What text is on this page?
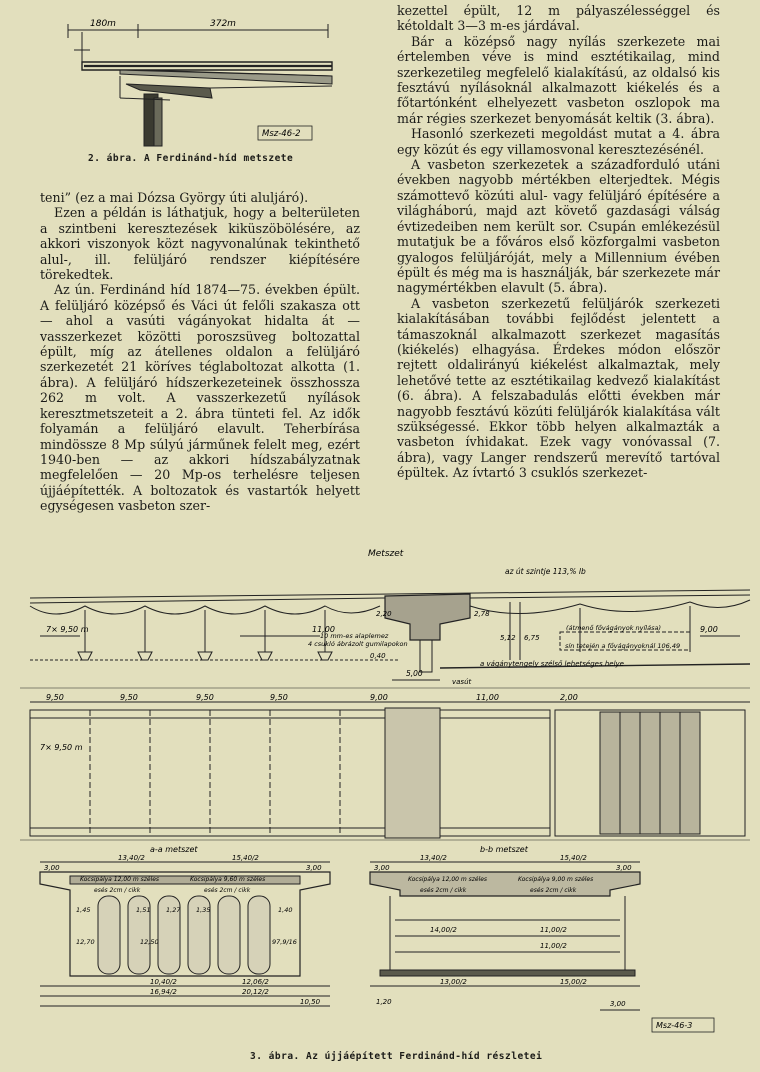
180m	372m
Msz-46-2
2. ábra. A Ferdinánd-híd metszete

teni” (ez a mai Dózsa György úti aluljáró).

Ezen a példán is láthatjuk, hogy a belterületen a szintbeni keresztezések kiküszöbölésére, az akkori viszonyok közt nagyvonalúnak tekinthető alul-, ill. felüljáró rendszer kiépítésére törekedtek.

Az ún. Ferdinánd híd 1874—75. években épült. A felüljáró középső és Váci út felőli szakasza ott — ahol a vasúti vágányokat hidalta át — vasszerkezet közötti poroszsüveg boltozattal épült, míg az átellenes oldalon a felüljáró szerkezetét 21 köríves téglaboltozat alkotta (1. ábra). A felüljáró hídszerkezeteinek összhossza 262 m volt. A vasszerkezetű nyílások keresztmetszeteit a 2. ábra tünteti fel. Az idők folyamán a felüljáró elavult. Teherbírása mindössze 8 Mp súlyú járműnek felelt meg, ezért 1940-ben — az akkori hídszabályzatnak megfelelően — 20 Mp-os terhelésre teljesen újjáépítették. A boltozatok és vastartók helyett egységesen vasbeton szer-

kezettel épült, 12 m pályaszélességgel és kétoldalt 3—3 m-es járdával.

Bár a középső nagy nyílás szerkezete mai értelemben véve is mind esztétikailag, mind szerkezetileg megfelelő kialakítású, az oldalsó kis fesztávú nyílásoknál alkalmazott kiékelés és a főtartónként elhelyezett vasbeton oszlopok ma már régies szerkezet benyomását keltik (3. ábra).

Hasonló szerkezeti megoldást mutat a 4. ábra egy közút és egy villamosvonal keresztezésénél.

A vasbeton szerkezetek a századforduló utáni években nagyobb mértékben elterjedtek. Mégis számottevő közúti alul- vagy felüljáró építésére a világháború, majd azt követő gazdasági válság évtizedeiben nem került sor. Csupán emlékezésül mutatjuk be a főváros első közforgalmi vasbeton gyalogos felüljáróját, mely a Millennium évében épült és még ma is használják, bár szerkezete már nagymértékben elavult (5. ábra).

A vasbeton szerkezetű felüljárók szerkezeti kialakításában további fejlődést jelentett a támaszoknál alkalmazott szerkezet magasítás (kiékelés) elhagyása. Érdekes módon először rejtett oldalirányú kiékelést alkalmaztak, mely lehetővé tette az esztétikailag kedvező kialakítást (6. ábra). A felszabadulás előtti években már nagyobb fesztávú közúti felüljárók kialakítása vált szükségessé. Ekkor több helyen alkalmazták a vasbeton ívhidakat. Ezek vagy vonóvassal (7. ábra), vagy Langer rendszerű merevítő tartóval épültek. Az ívtartó 3 csuklós szerkezet-

Metszet
az út szintje 113,% lb
7× 9,50 m	11,00	9,00
10 mm-es alaplemez
4 csukló ábrázolt gumilapokon
(átmenő fővágányok nyílása)
sín tetején a fővágányoknál 106,49
a vágánytengely szélső lehetséges helye
5,00
vasút
0,40
2,20	2,78
5,12 6,75
9,50	9,50	9,50	9,50	9,00	11,00	2,00
7× 9,50 m
a-a metszet
13,40/2	15,40/2
3,00	3,00
Kocsipálya 12,00 m széles	Kocsipálya 9,60 m széles
esés 2cm / cikk	esés 2cm / cikk
1,45	1,51 1,27 1,35	1,40
12,70	12,50	97,9/16
10,40/2	12,06/2
16,94/2	20,12/2
10,50
b-b metszet
13,40/2	15,40/2
3,00	3,00
Kocsipálya 12,00 m széles	Kocsipálya 9,00 m széles
esés 2cm / cikk	esés 2cm / cikk
14,00/2	11,00/2
11,00/2
13,00/2	15,00/2
3,00
1,20
Msz-46-3
3. ábra. Az újjáépített Ferdinánd-híd részletei
